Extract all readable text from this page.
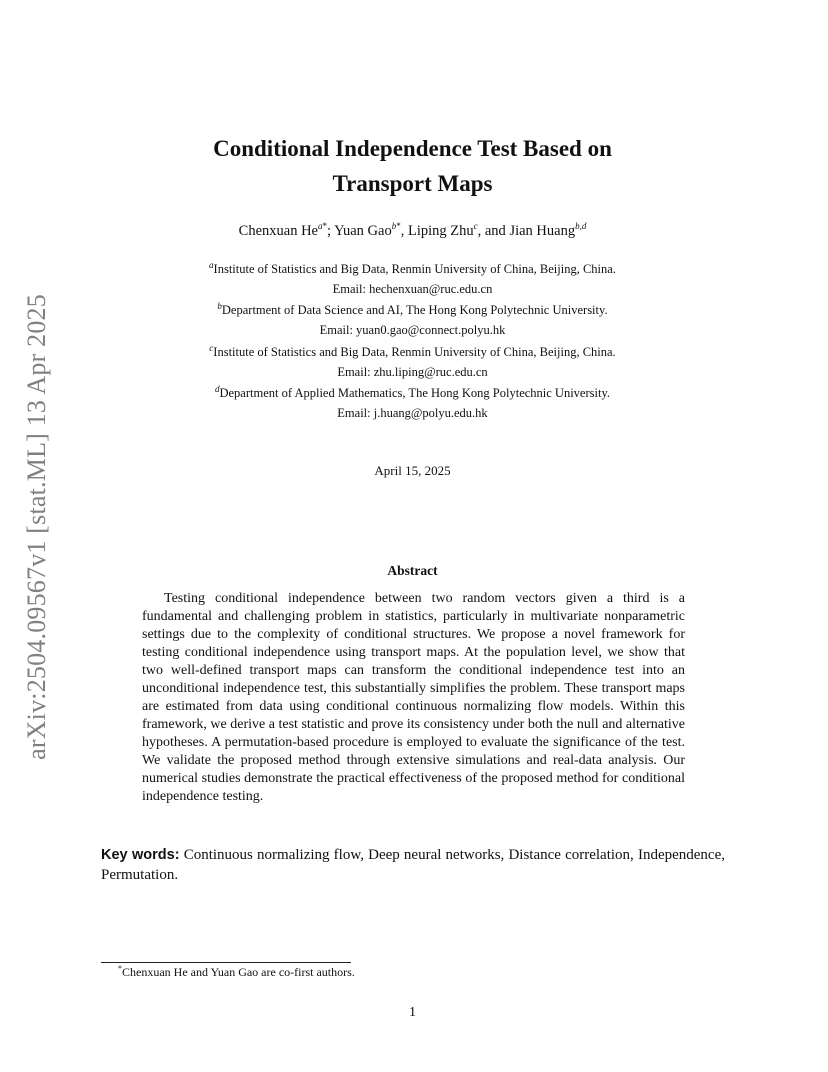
arXiv:2504.09567v1 [stat.ML] 13 Apr 2025
Conditional Independence Test Based on
Transport Maps
Chenxuan $He^{a*}$; Yuan Gao$^{b*}$, Liping Zhu$^c$, and Jian Huang$^{b,d}$
$^a$Institute of Statistics and Big Data, Renmin University of China, Beijing, China.
Email: hechenxuan@ruc.edu.cn
$^b$Department of Data Science and AI, The Hong Kong Polytechnic University.
Email: yuan0.gao@connect.polyu.hk
$^c$Institute of Statistics and Big Data, Renmin University of China, Beijing, China.
Email: zhu.liping@ruc.edu.cn
$^d$Department of Applied Mathematics, The Hong Kong Polytechnic University.
Email: j.huang@polyu.edu.hk
April 15, 2025
Abstract
Testing conditional independence between two random vectors given a third is a fundamental and challenging problem in statistics, particularly in multivariate nonparametric settings due to the complexity of conditional structures. We propose a novel framework for testing conditional independence using transport maps. At the population level, we show that two well-defined transport maps can transform the conditional independence test into an unconditional independence test, this substantially simplifies the problem. These transport maps are estimated from data using conditional continuous normalizing flow models. Within this framework, we derive a test statistic and prove its consistency under both the null and alternative hypotheses. A permutation-based procedure is employed to evaluate the significance of the test. We validate the proposed method through extensive simulations and real-data analysis. Our numerical studies demonstrate the practical effectiveness of the proposed method for conditional independence testing.
Key words: Continuous normalizing flow, Deep neural networks, Distance correlation, Independence, Permutation.
*Chenxuan He and Yuan Gao are co-first authors.
1
